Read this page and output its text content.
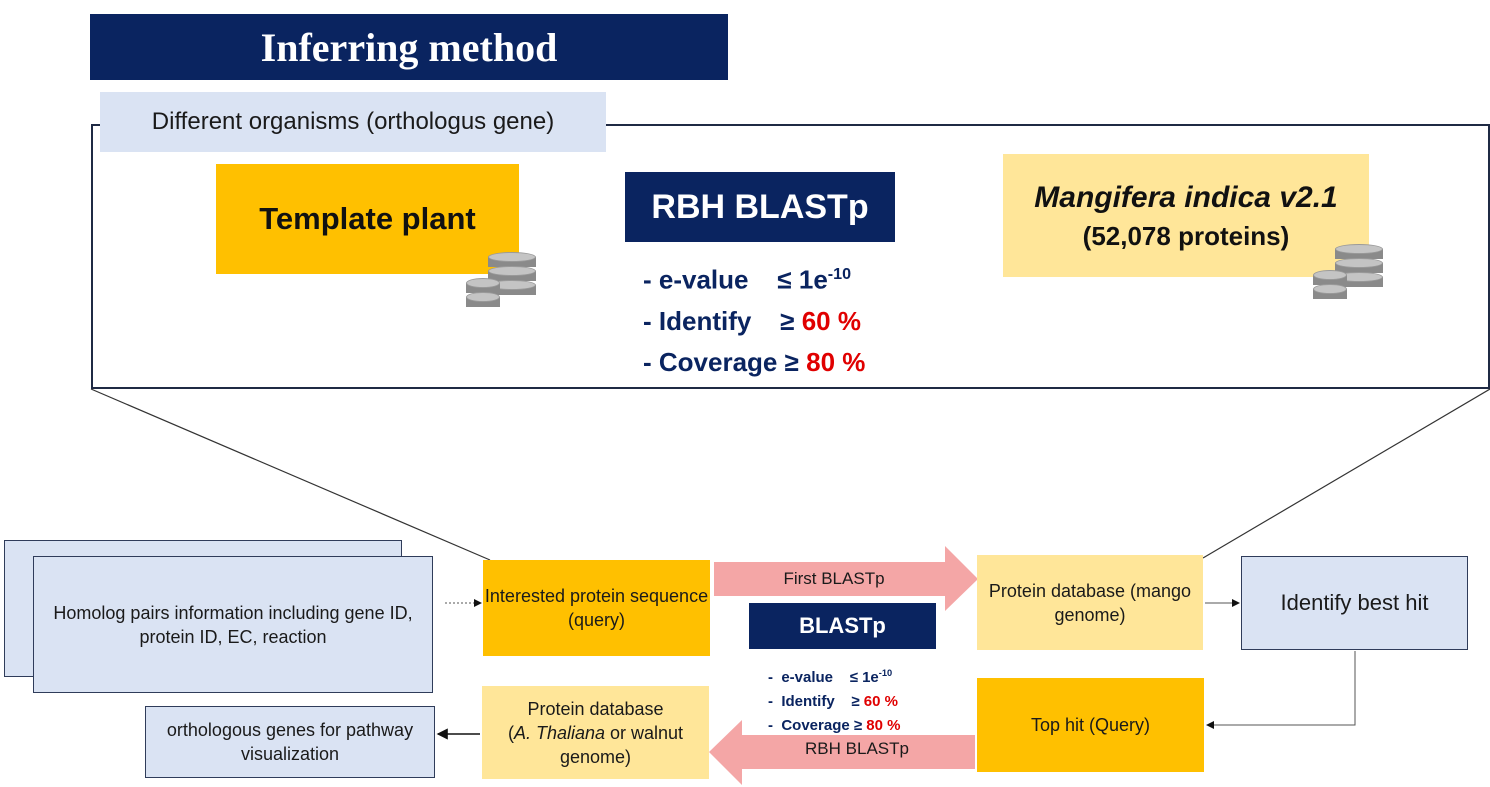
Inferring method
Different organisms (orthologus gene)
Template plant
Mangifera indica v2.1
(52,078 proteins)
RBH BLASTp
- e-value    ≤ $1e^{-10}$
- Identify    ≥ 60 %
- Coverage ≥ 80 %
Homolog pairs information including gene ID, protein ID, EC, reaction
Interested protein sequence (query)
First BLASTp
Protein database (mango genome)	Identify best hit
BLASTp
-  e-value    ≤ $1e^{-10}$
-  Identify    ≥ 60 %
-  Coverage ≥ 80 %	Top hit (Query)
RBH BLASTp
Protein database
(A. Thaliana or walnut genome)
orthologous genes for pathway visualization
